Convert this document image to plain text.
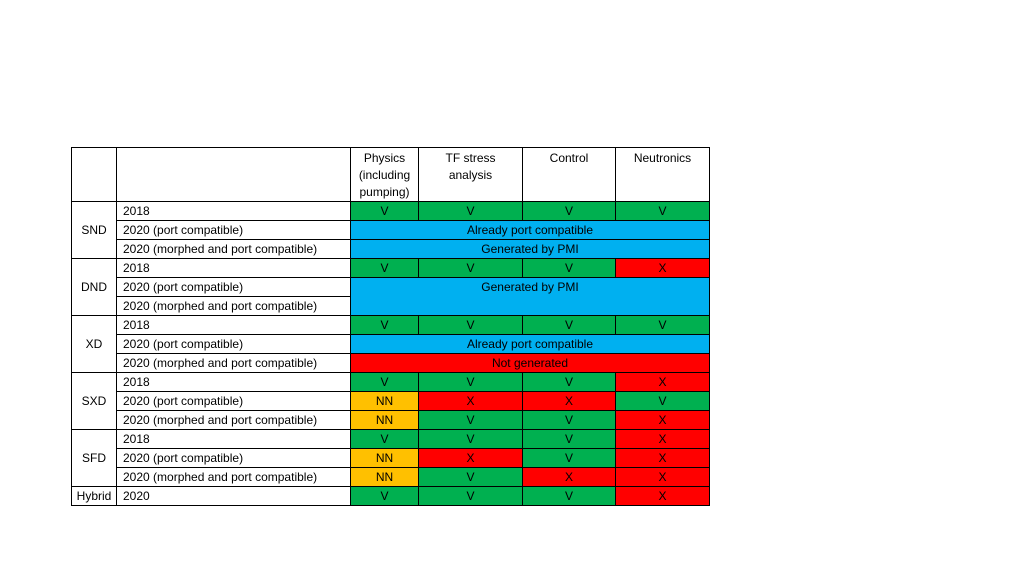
		Physics (including pumping)	TF stress analysis	Control	Neutronics
SND	2018	V	V	V	V
	2020 (port compatible)	Already port compatible			
	2020 (morphed and port compatible)	Generated by PMI			
DND	2018	V	V	V	X
	2020 (port compatible)	Generated by PMI			
	2020 (morphed and port compatible)				
XD	2018	V	V	V	V
	2020 (port compatible)	Already port compatible			
	2020 (morphed and port compatible)	Not generated			
SXD	2018	V	V	V	X
	2020 (port compatible)	NN	X	X	V
	2020 (morphed and port compatible)	NN	V	V	X
SFD	2018	V	V	V	X
	2020 (port compatible)	NN	X	V	X
	2020 (morphed and port compatible)	NN	V	X	X
Hybrid	2020	V	V	V	X
